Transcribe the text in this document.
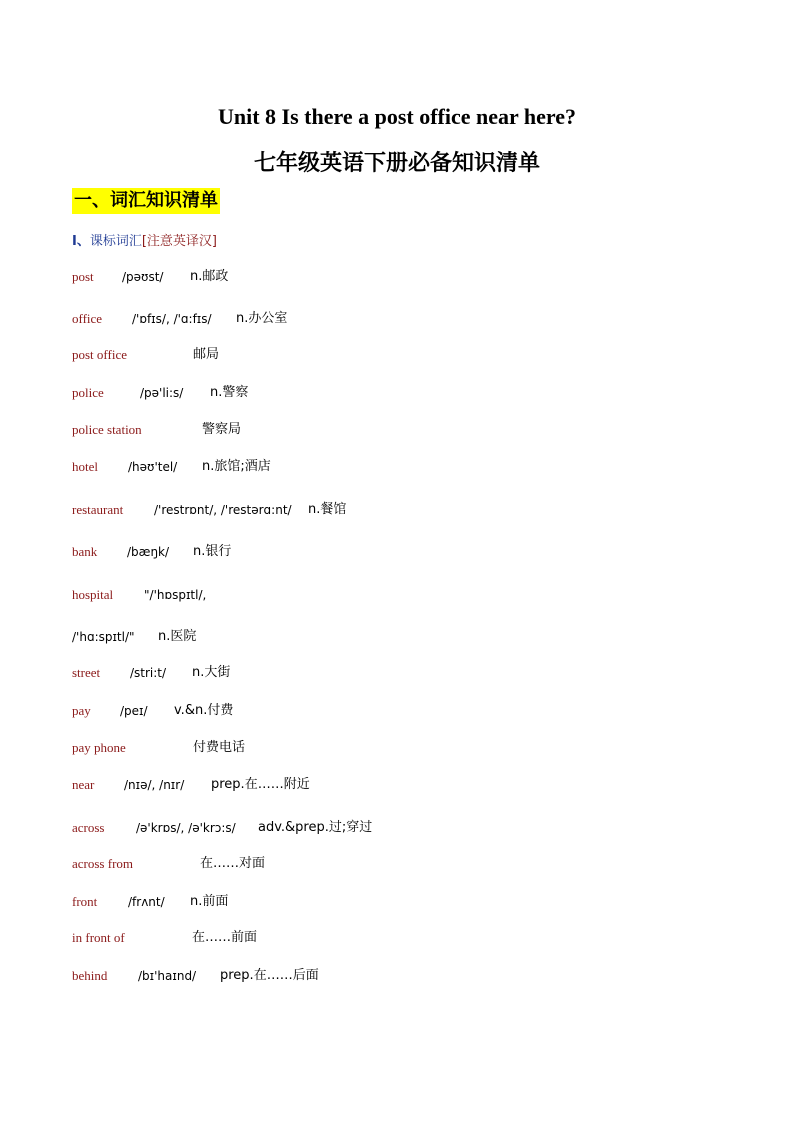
Unit 8 Is there a post office near here?
七年级英语下册必备知识清单
一、词汇知识清单
I、课标词汇[注意英译汉]
post /pəʊst/ n.邮政
office /'ɒfɪs/, /'ɑ:fɪs/ n.办公室
post office	邮局
police	/pə'li:s/ n.警察
police station	警察局
hotel	/həʊ'tel/ n.旅馆;酒店
restaurant	/'restrɒnt/, /'restərɑ:nt/ n.餐馆
bank /bæŋk/ n.银行
hospital	"/'hɒspɪtl/,
/'hɑ:spɪtl/" n.医院
street /stri:t/ n.大街
pay /peɪ/ v.&n.付费
pay phone	付费电话
near /nɪə/, /nɪr/ prep.在……附近
across	/ə'krɒs/, /ə'krɔ:s/ adv.&prep.过;穿过
across from	在……对面
front	/frʌnt/ n.前面
in front of	在……前面
behind	/bɪ'haɪnd/ prep.在……后面
